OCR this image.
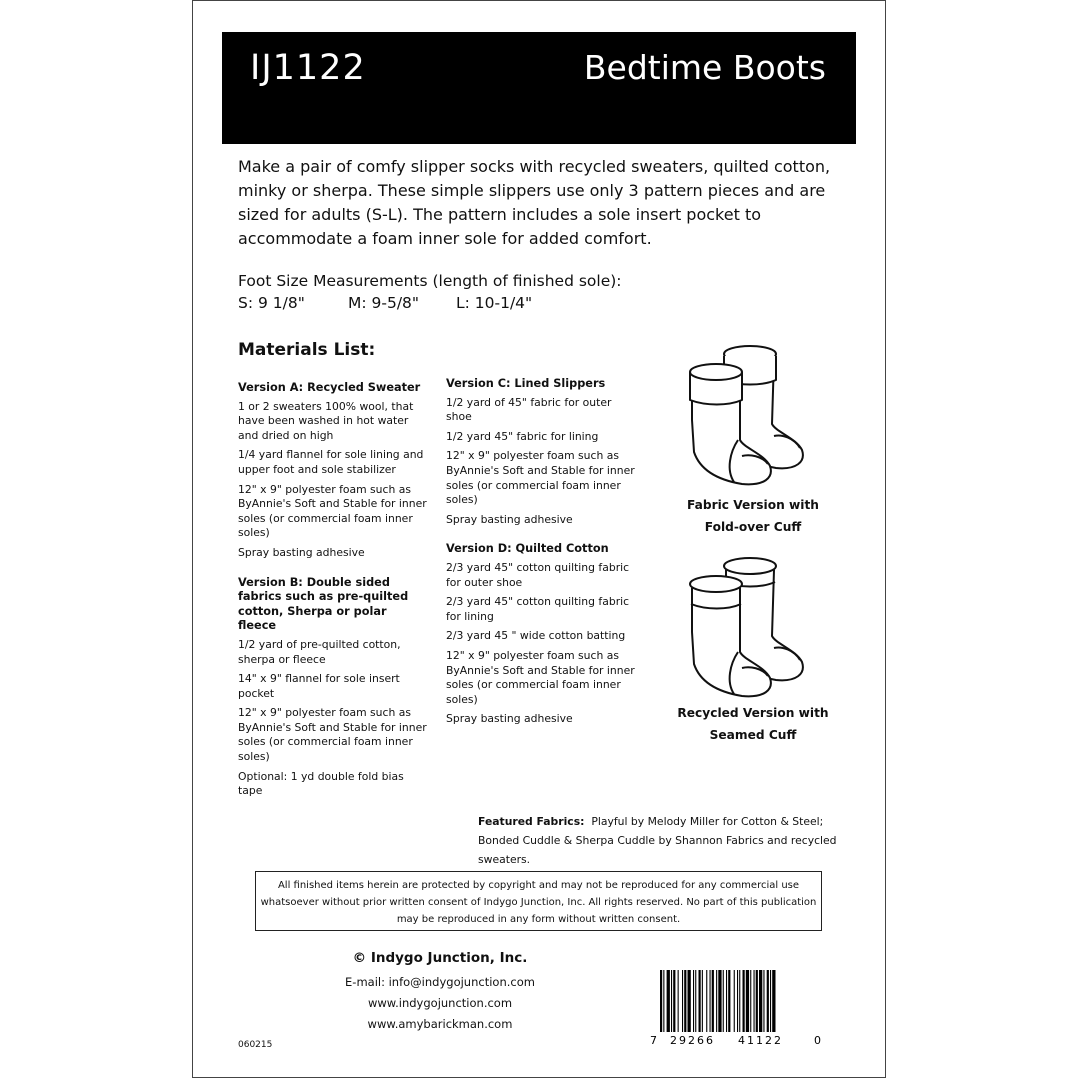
IJ1122	Bedtime Boots

Make a pair of comfy slipper socks with recycled sweaters, quilted cotton, minky or sherpa. These simple slippers use only 3 pattern pieces and are sized for adults (S-L). The pattern includes a sole insert pocket to accommodate a foam inner sole for added comfort.

Foot Size Measurements (length of finished sole):
S: 9 1/8"	M: 9-5/8" L: 10-1/4"
Materials List:
Version A: Recycled Sweater
1 or 2 sweaters 100% wool, that have been washed in hot water and dried on high
1/4 yard flannel for sole lining and upper foot and sole stabilizer
12" x 9" polyester foam such as ByAnnie's Soft and Stable for inner soles (or commercial foam inner soles)
Spray basting adhesive
Version B: Double sided fabrics such as pre-quilted cotton, Sherpa or polar fleece
1/2 yard of pre-quilted cotton, sherpa or fleece
14" x 9" flannel for sole insert pocket
12" x 9" polyester foam such as ByAnnie's Soft and Stable for inner soles (or commercial foam inner soles)
Optional: 1 yd double fold bias tape
Version C: Lined Slippers
1/2 yard of 45" fabric for outer shoe
1/2 yard 45" fabric for lining
12" x 9" polyester foam such as ByAnnie's Soft and Stable for inner soles (or commercial foam inner soles)
Spray basting adhesive
Version D: Quilted Cotton
2/3 yard 45" cotton quilting fabric for outer shoe
2/3 yard 45" cotton quilting fabric for lining
2/3 yard 45 " wide cotton batting
12" x 9" polyester foam such as ByAnnie's Soft and Stable for inner soles (or commercial foam inner soles)
Spray basting adhesive
Fabric Version with
Fold-over Cuff
Recycled Version with
Seamed Cuff
Featured Fabrics: Playful by Melody Miller for Cotton & Steel; Bonded Cuddle & Sherpa Cuddle by Shannon Fabrics and recycled sweaters.
All finished items herein are protected by copyright and may not be reproduced for any commercial use whatsoever without prior written consent of Indygo Junction, Inc. All rights reserved. No part of this publication may be reproduced in any form without written consent.
© Indygo Junction, Inc.
E-mail: info@indygojunction.com
www.indygojunction.com
www.amybarickman.com
060215	7 29266 41122	0
